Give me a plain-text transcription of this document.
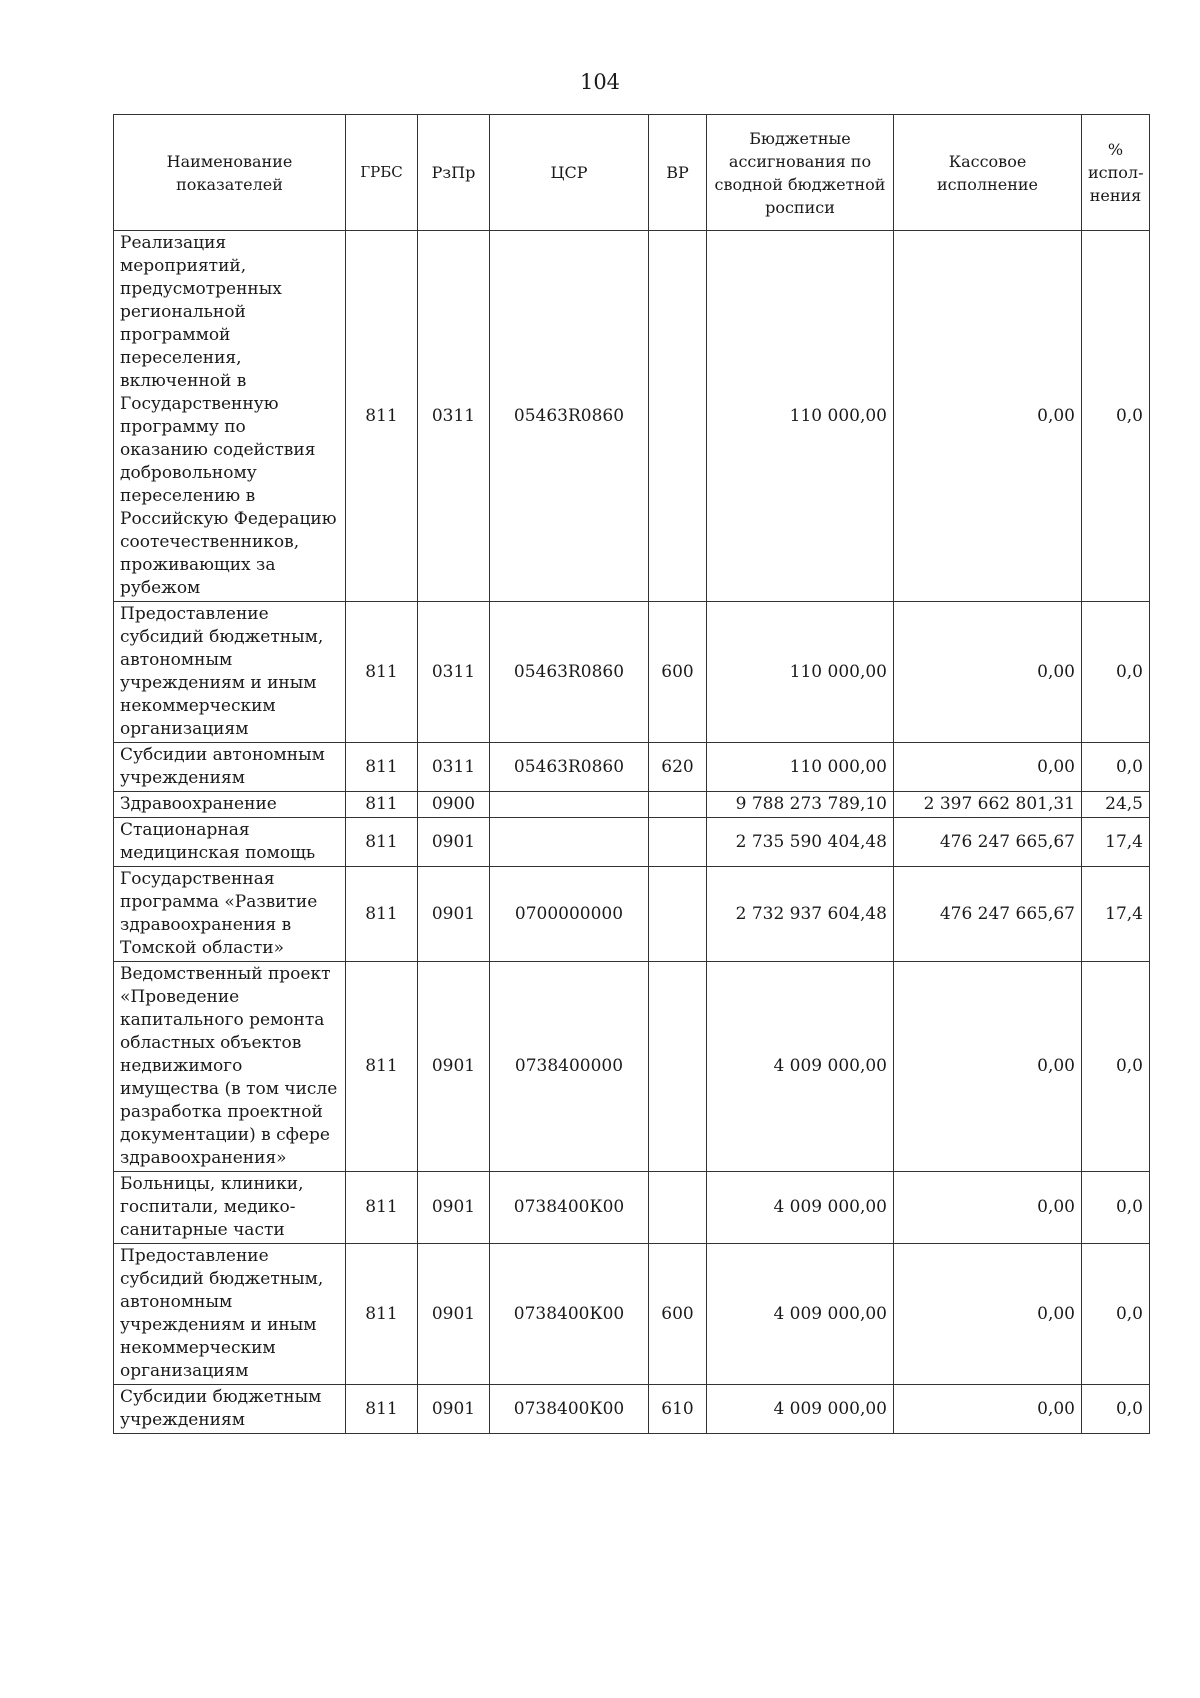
104
Наименование показателей	ГРБС	РзПр	ЦСР	ВР	Бюджетные ассигнования по сводной бюджетной росписи	Кассовое исполнение	% испол-нения
Реализация мероприятий, предусмотренных региональной программой переселения, включенной в Государственную программу по оказанию содействия добровольному переселению в Российскую Федерацию соотечественников, проживающих за рубежом	811	0311	05463R0860		110 000,00	0,00	0,0
Предоставление субсидий бюджетным, автономным учреждениям и иным некоммерческим организациям	811	0311	05463R0860	600	110 000,00	0,00	0,0
Субсидии автономным учреждениям	811	0311	05463R0860	620	110 000,00	0,00	0,0
Здравоохранение	811	0900			9 788 273 789,10	2 397 662 801,31	24,5
Стационарная медицинская помощь	811	0901			2 735 590 404,48	476 247 665,67	17,4
Государственная программа «Развитие здравоохранения в Томской области»	811	0901	0700000000		2 732 937 604,48	476 247 665,67	17,4
Ведомственный проект «Проведение капитального ремонта областных объектов недвижимого имущества (в том числе разработка проектной документации) в сфере здравоохранения»	811	0901	0738400000		4 009 000,00	0,00	0,0
Больницы, клиники, госпитали, медико-санитарные части	811	0901	0738400К00		4 009 000,00	0,00	0,0
Предоставление субсидий бюджетным, автономным учреждениям и иным некоммерческим организациям	811	0901	0738400К00	600	4 009 000,00	0,00	0,0
Субсидии бюджетным учреждениям	811	0901	0738400К00	610	4 009 000,00	0,00	0,0
